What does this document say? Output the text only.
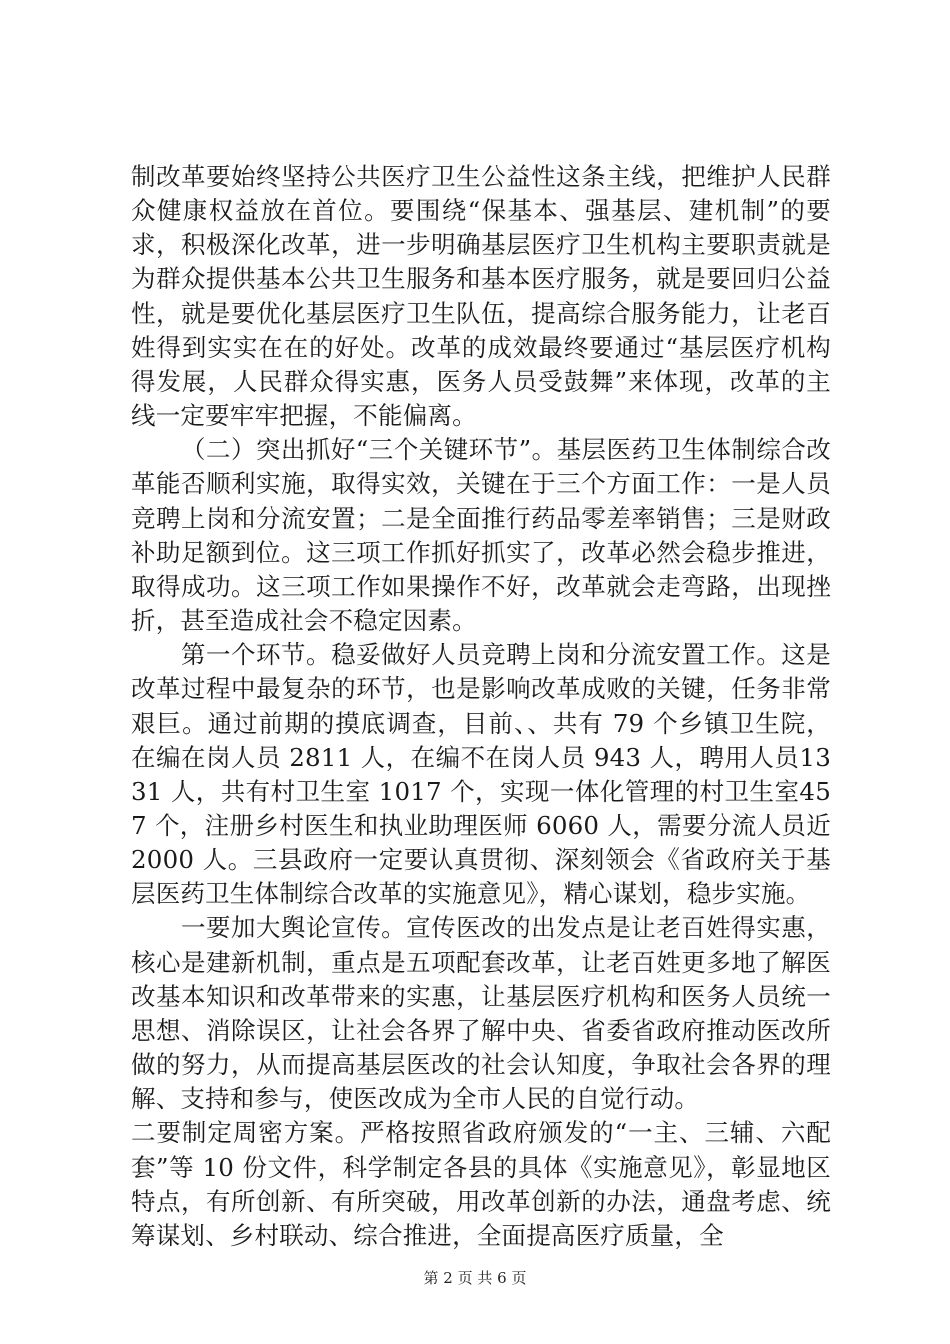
制改革要始终坚持公共医疗卫生公益性这条主线，把维护人民群众健康权益放在首位。要围绕“保基本、强基层、建机制”的要求，积极深化改革，进一步明确基层医疗卫生机构主要职责就是为群众提供基本公共卫生服务和基本医疗服务，就是要回归公益性，就是要优化基层医疗卫生队伍，提高综合服务能力，让老百姓得到实实在在的好处。改革的成效最终要通过“基层医疗机构得发展，人民群众得实惠，医务人员受鼓舞”来体现，改革的主线一定要牢牢把握，不能偏离。

（二）突出抓好“三个关键环节”。基层医药卫生体制综合改革能否顺利实施，取得实效，关键在于三个方面工作：一是人员竞聘上岗和分流安置；二是全面推行药品零差率销售；三是财政补助足额到位。这三项工作抓好抓实了，改革必然会稳步推进，取得成功。这三项工作如果操作不好，改革就会走弯路，出现挫折，甚至造成社会不稳定因素。

第一个环节。稳妥做好人员竞聘上岗和分流安置工作。这是改革过程中最复杂的环节，也是影响改革成败的关键，任务非常艰巨。通过前期的摸底调查，目前、、共有 79 个乡镇卫生院，在编在岗人员 2811 人，在编不在岗人员 943 人，聘用人员1331 人，共有村卫生室 1017 个，实现一体化管理的村卫生室457 个，注册乡村医生和执业助理医师 6060 人，需要分流人员近 2000 人。三县政府一定要认真贯彻、深刻领会《省政府关于基层医药卫生体制综合改革的实施意见》，精心谋划，稳步实施。

一要加大舆论宣传。宣传医改的出发点是让老百姓得实惠，核心是建新机制，重点是五项配套改革，让老百姓更多地了解医改基本知识和改革带来的实惠，让基层医疗机构和医务人员统一思想、消除误区，让社会各界了解中央、省委省政府推动医改所做的努力，从而提高基层医改的社会认知度，争取社会各界的理解、支持和参与，使医改成为全市人民的自觉行动。

二要制定周密方案。严格按照省政府颁发的“一主、三辅、六配套”等 10 份文件，科学制定各县的具体《实施意见》，彰显地区特点，有所创新、有所突破，用改革创新的办法，通盘考虑、统筹谋划、乡村联动、综合推进，全面提高医疗质量，全

第 2 页 共 6 页
